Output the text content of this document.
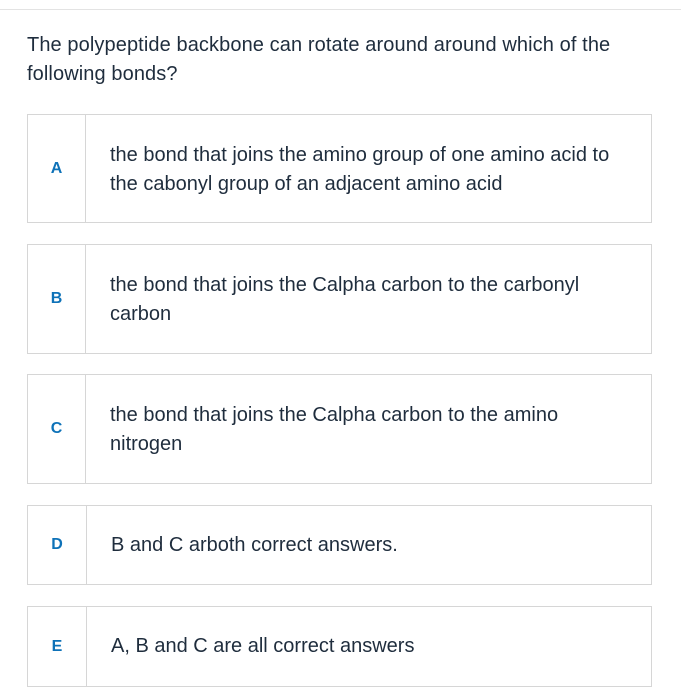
The polypeptide backbone can rotate around around which of the following bonds?
A
the bond that joins the amino group of one amino acid to the cabonyl group of an adjacent amino acid
B
the bond that joins the Calpha carbon to the carbonyl carbon
C
the bond that joins the Calpha carbon to the amino nitrogen
D	B and C arboth correct answers.
E	A, B and C are all correct answers
